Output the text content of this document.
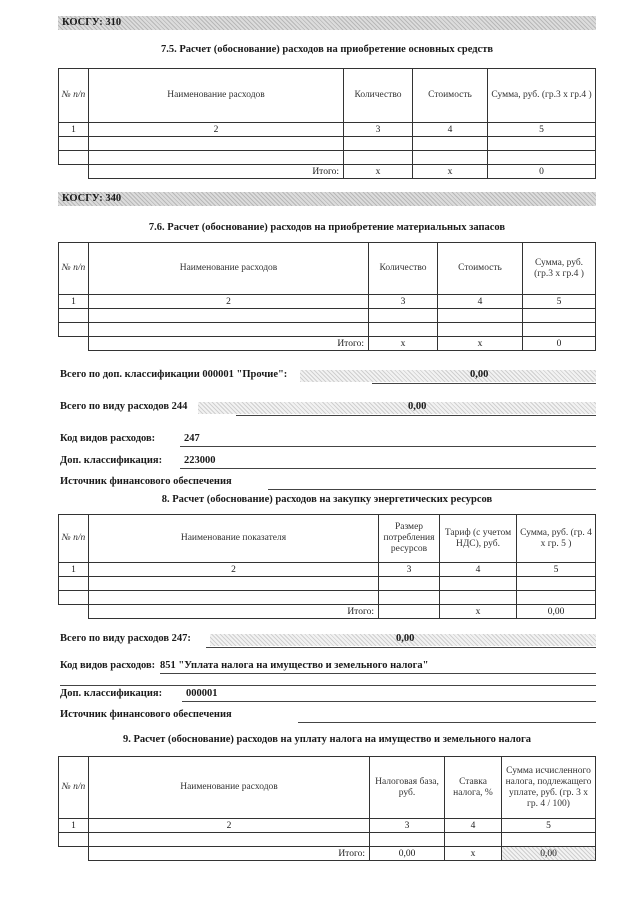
КОСГУ: 310
7.5. Расчет (обоснование) расходов на приобретение основных средств
№ п/п	Наименование расходов	Количество	Стоимость	Сумма, руб. (гр.3 х гр.4 )
1	2	3	4	5

	Итого:	х	х	0
КОСГУ: 340
7.6. Расчет (обоснование) расходов на приобретение материальных запасов
№ п/п	Наименование расходов	Количество	Стоимость	Сумма, руб. (гр.3 х гр.4 )
1	2	3	4	5

	Итого:	х	х	0
Всего по доп. классификации 000001 "Прочие":	0,00
Всего по виду расходов 244	0,00
Код видов расходов:	247
Доп. классификация: 223000
Источник финансового обеспечения
8. Расчет (обоснование) расходов на закупку энергетических ресурсов
№ п/п	Наименование показателя	Размер потребления ресурсов	Тариф (с учетом НДС), руб.	Сумма, руб. (гр. 4 х гр. 5 )
1	2	3	4	5

	Итого:		х	0,00
Всего по виду расходов 247:	0,00
Код видов расходов: 851 "Уплата налога на имущество и земельного налога"
Доп. классификация: 000001
Источник финансового обеспечения
9. Расчет (обоснование) расходов на уплату налога на имущество и земельного налога
№ п/п	Наименование расходов	Налоговая база, руб.	Ставка налога, %	Сумма исчисленного налога, подлежащего уплате, руб. (гр. 3 х гр. 4 / 100)
1	2	3	4	5

	Итого:	0,00	х	0,00
